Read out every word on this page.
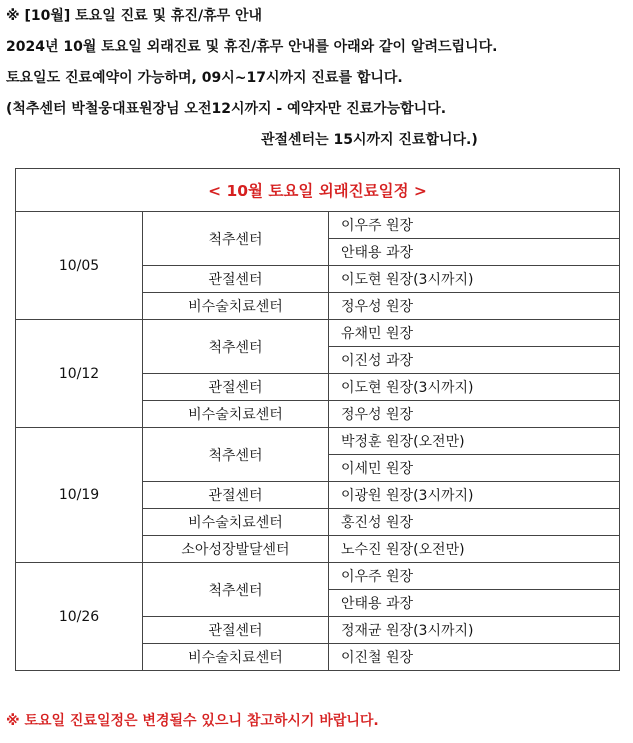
※ [10월] 토요일 진료 및 휴진/휴무 안내
2024년 10월 토요일 외래진료 및 휴진/휴무 안내를 아래와 같이 알려드립니다.
토요일도 진료예약이 가능하며, 09시~17시까지 진료를 합니다.
(척추센터 박철웅대표원장님 오전12시까지 - 예약자만 진료가능합니다.
관절센터는 15시까지 진료합니다.)
< 10월 토요일 외래진료일정 >		
10/05	척추센터	이우주 원장
		안태용 과장
	관절센터	이도현 원장(3시까지)
	비수술치료센터	정우성 원장
10/12	척추센터	유채민 원장
		이진성 과장
	관절센터	이도현 원장(3시까지)
	비수술치료센터	정우성 원장
10/19	척추센터	박정훈 원장(오전만)
		이세민 원장
	관절센터	이광원 원장(3시까지)
	비수술치료센터	홍진성 원장
	소아성장발달센터	노수진 원장(오전만)
10/26	척추센터	이우주 원장
		안태용 과장
	관절센터	정재균 원장(3시까지)
	비수술치료센터	이진철 원장
※ 토요일 진료일정은 변경될수 있으니 참고하시기 바랍니다.
